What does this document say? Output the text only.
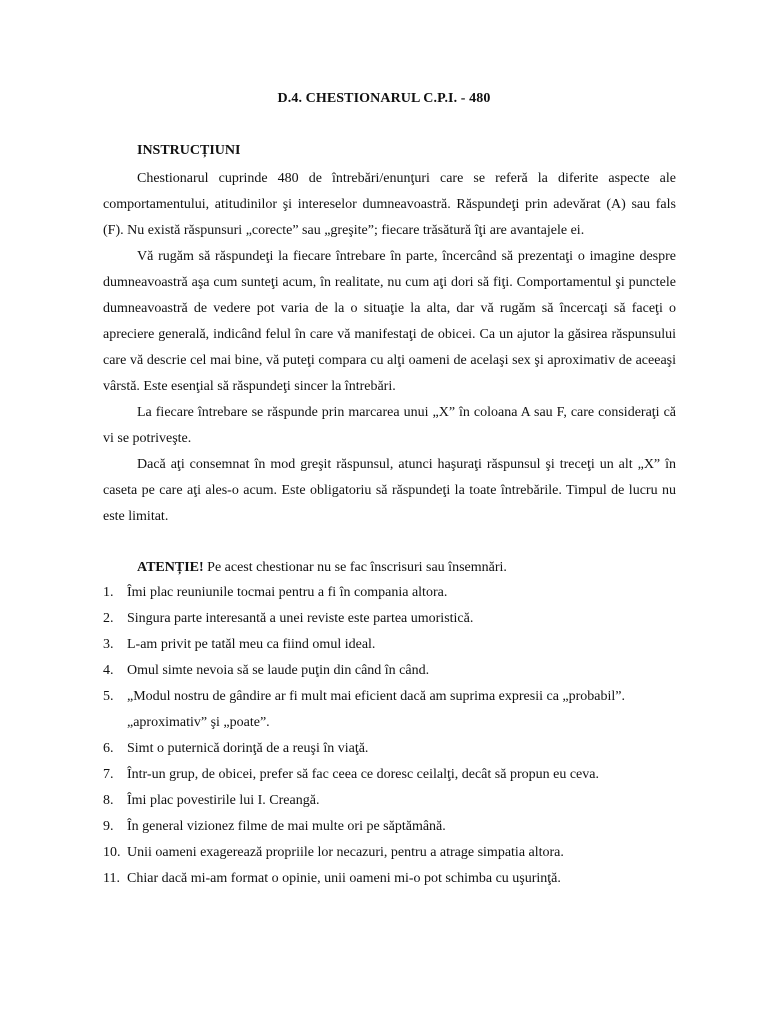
D.4. CHESTIONARUL C.P.I. - 480
INSTRUCȚIUNI

Chestionarul cuprinde 480 de întrebări/enunţuri care se referă la diferite aspecte ale comportamentului, atitudinilor şi intereselor dumneavoastră. Răspundeţi prin adevărat (A) sau fals (F). Nu există răspunsuri „corecte” sau „greşite”; fiecare trăsătură îţi are avantajele ei.

Vă rugăm să răspundeţi la fiecare întrebare în parte, încercând să prezentaţi o imagine despre dumneavoastră aşa cum sunteţi acum, în realitate, nu cum aţi dori să fiţi. Comportamentul şi punctele dumneavoastră de vedere pot varia de la o situaţie la alta, dar vă rugăm să încercaţi să faceţi o apreciere generală, indicând felul în care vă manifestaţi de obicei. Ca un ajutor la găsirea răspunsului care vă descrie cel mai bine, vă puteţi compara cu alţi oameni de acelaşi sex şi aproximativ de aceeaşi vârstă. Este esenţial să răspundeţi sincer la întrebări.

La fiecare întrebare se răspunde prin marcarea unui „X” în coloana A sau F, care consideraţi că vi se potriveşte.

Dacă aţi consemnat în mod greşit răspunsul, atunci haşuraţi răspunsul şi treceţi un alt „X” în caseta pe care aţi ales-o acum. Este obligatoriu să răspundeţi la toate întrebările. Timpul de lucru nu este limitat.

ATENȚIE! Pe acest chestionar nu se fac înscrisuri sau însemnări.
1. Îmi plac reuniunile tocmai pentru a fi în compania altora.
2. Singura parte interesantă a unei reviste este partea umoristică.
3. L-am privit pe tatăl meu ca fiind omul ideal.
4. Omul simte nevoia să se laude puţin din când în când.
5. „Modul nostru de gândire ar fi mult mai eficient dacă am suprima expresii ca „probabil”.
„aproximativ” şi „poate”.
6. Simt o puternică dorinţă de a reuşi în viaţă.
7. Într-un grup, de obicei, prefer să fac ceea ce doresc ceilalţi, decât să propun eu ceva.
8. Îmi plac povestirile lui I. Creangă.
9. În general vizionez filme de mai multe ori pe săptămână.
10. Unii oameni exagerează propriile lor necazuri, pentru a atrage simpatia altora.
11. Chiar dacă mi-am format o opinie, unii oameni mi-o pot schimba cu uşurinţă.
